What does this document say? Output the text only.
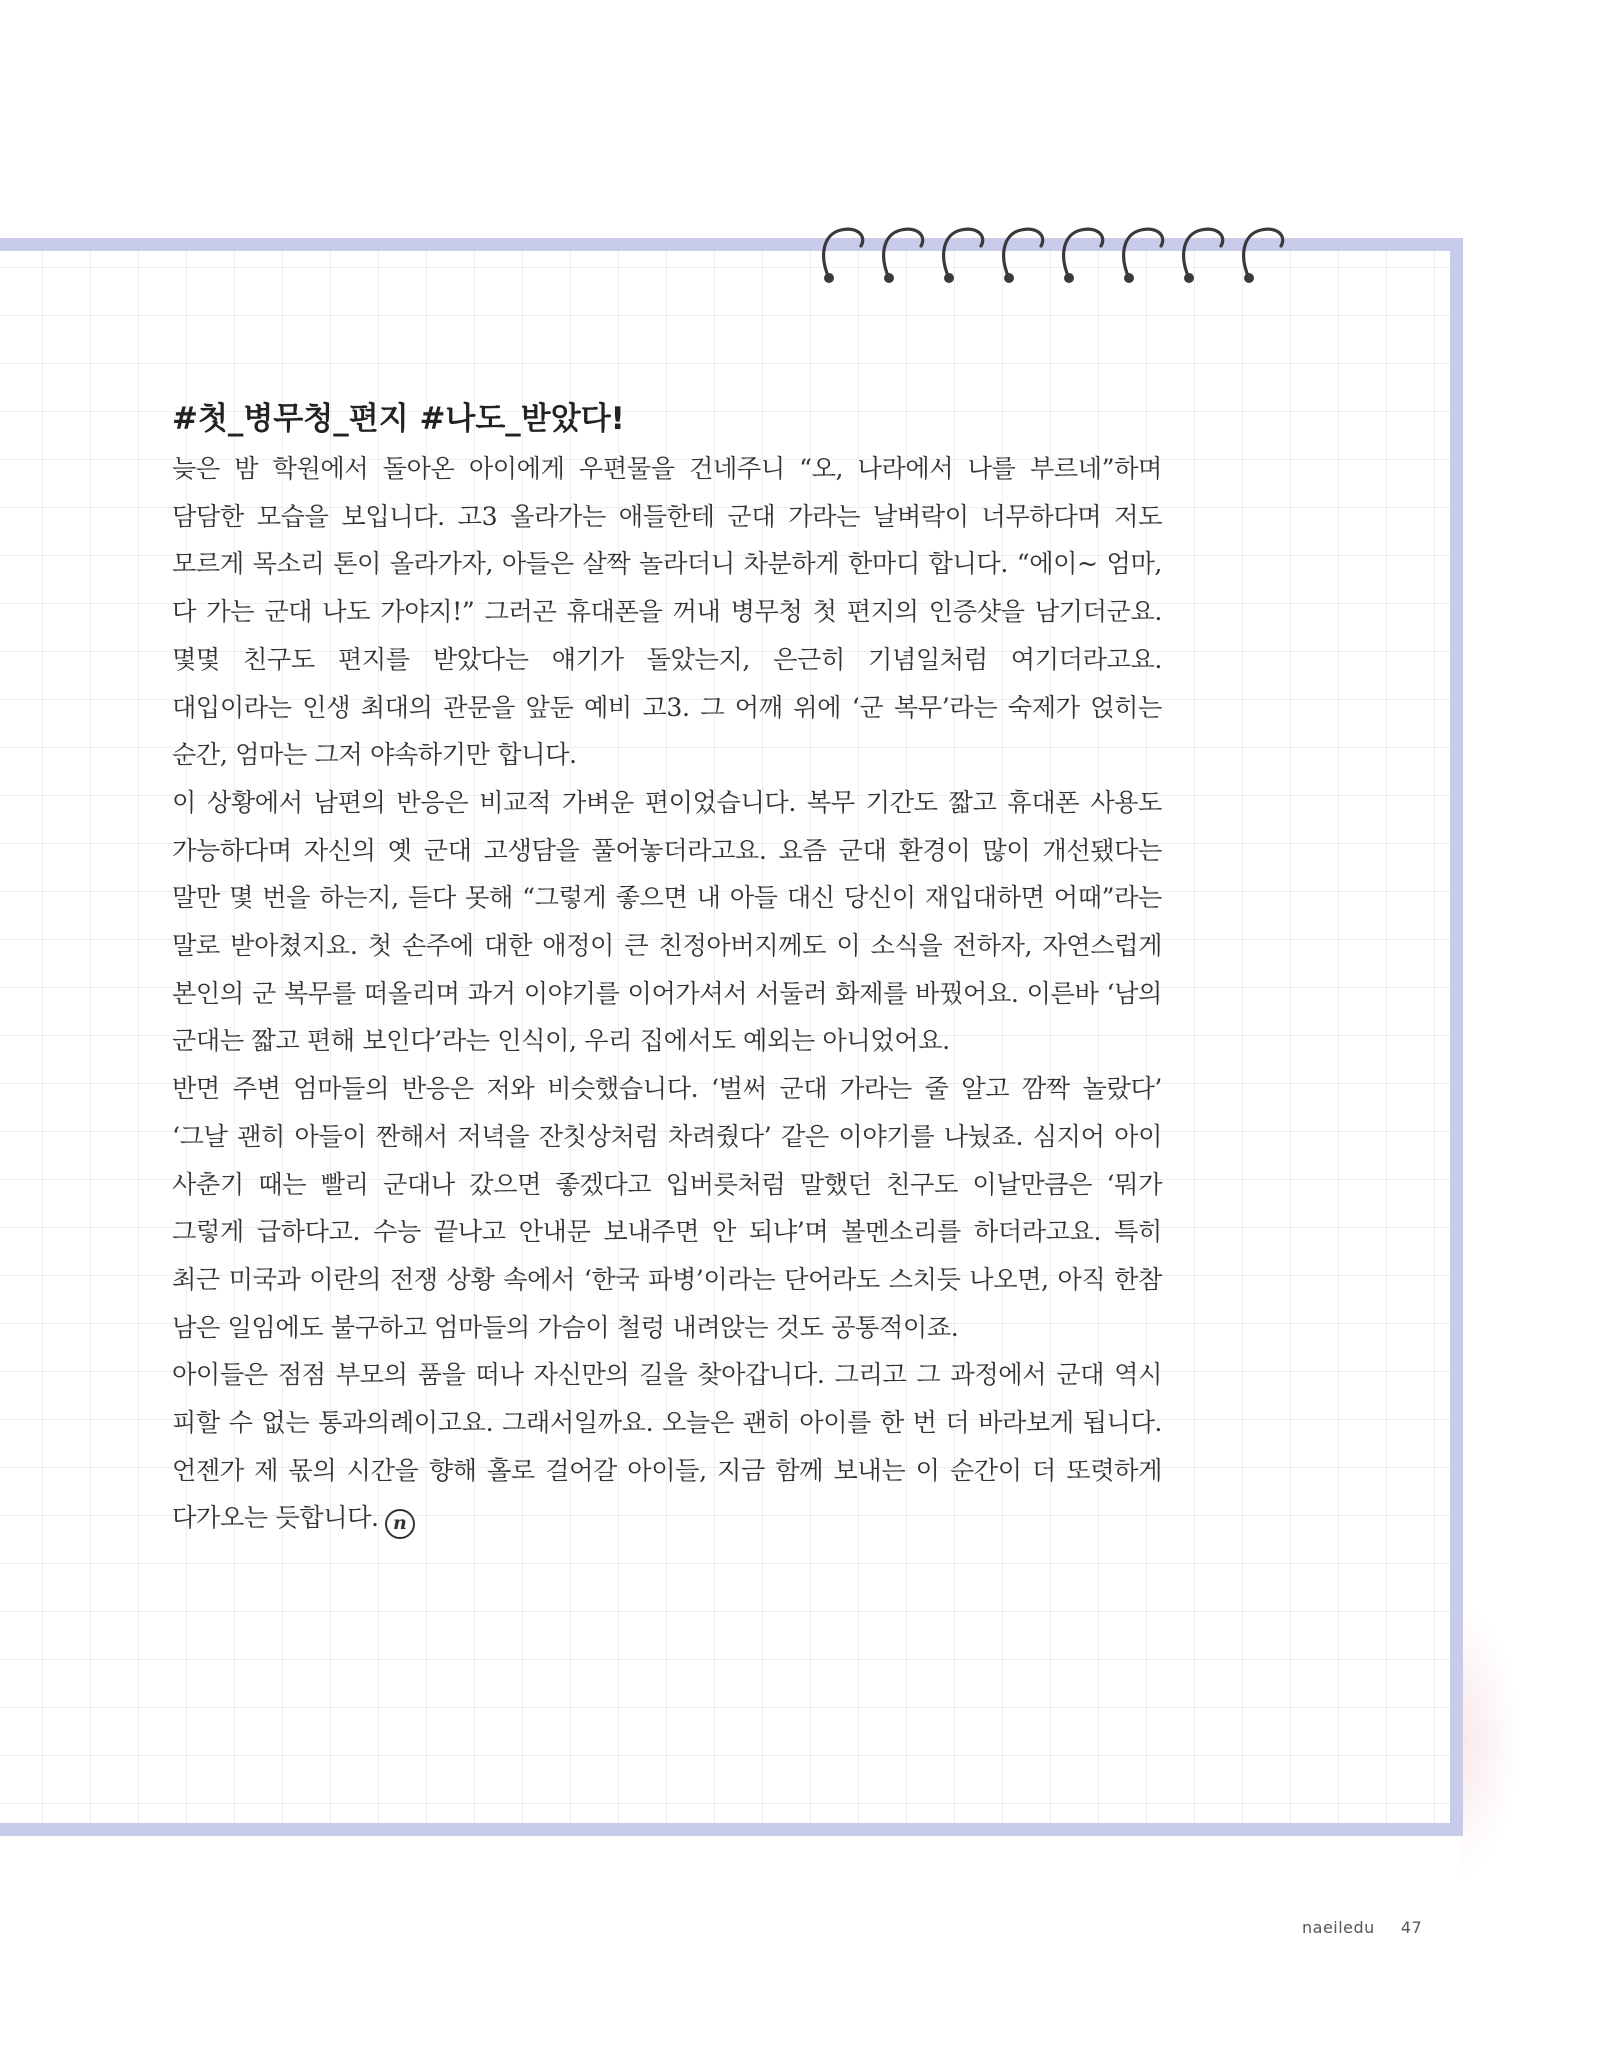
#첫_병무청_편지 #나도_받았다!

늦은 밤 학원에서 돌아온 아이에게 우편물을 건네주니 “오, 나라에서 나를 부르네”하며 담담한 모습을 보입니다. 고3 올라가는 애들한테 군대 가라는 날벼락이 너무하다며 저도 모르게 목소리 톤이 올라가자, 아들은 살짝 놀라더니 차분하게 한마디 합니다. “에이~ 엄마, 다 가는 군대 나도 가야지!” 그러곤 휴대폰을 꺼내 병무청 첫 편지의 인증샷을 남기더군요. 몇몇 친구도 편지를 받았다는 얘기가 돌았는지, 은근히 기념일처럼 여기더라고요. 대입이라는 인생 최대의 관문을 앞둔 예비 고3. 그 어깨 위에 ‘군 복무’라는 숙제가 얹히는 순간, 엄마는 그저 야속하기만 합니다.

이 상황에서 남편의 반응은 비교적 가벼운 편이었습니다. 복무 기간도 짧고 휴대폰 사용도 가능하다며 자신의 옛 군대 고생담을 풀어놓더라고요. 요즘 군대 환경이 많이 개선됐다는 말만 몇 번을 하는지, 듣다 못해 “그렇게 좋으면 내 아들 대신 당신이 재입대하면 어때”라는 말로 받아쳤지요. 첫 손주에 대한 애정이 큰 친정아버지께도 이 소식을 전하자, 자연스럽게 본인의 군 복무를 떠올리며 과거 이야기를 이어가셔서 서둘러 화제를 바꿨어요. 이른바 ‘남의 군대는 짧고 편해 보인다’라는 인식이, 우리 집에서도 예외는 아니었어요.

반면 주변 엄마들의 반응은 저와 비슷했습니다. ‘벌써 군대 가라는 줄 알고 깜짝 놀랐다’ ‘그날 괜히 아들이 짠해서 저녁을 잔칫상처럼 차려줬다’ 같은 이야기를 나눴죠. 심지어 아이 사춘기 때는 빨리 군대나 갔으면 좋겠다고 입버릇처럼 말했던 친구도 이날만큼은 ‘뭐가 그렇게 급하다고. 수능 끝나고 안내문 보내주면 안 되냐’며 볼멘소리를 하더라고요. 특히 최근 미국과 이란의 전쟁 상황 속에서 ‘한국 파병’이라는 단어라도 스치듯 나오면, 아직 한참 남은 일임에도 불구하고 엄마들의 가슴이 철렁 내려앉는 것도 공통적이죠.

아이들은 점점 부모의 품을 떠나 자신만의 길을 찾아갑니다. 그리고 그 과정에서 군대 역시 피할 수 없는 통과의례이고요. 그래서일까요. 오늘은 괜히 아이를 한 번 더 바라보게 됩니다. 언젠가 제 몫의 시간을 향해 홀로 걸어갈 아이들, 지금 함께 보내는 이 순간이 더 또렷하게 다가오는 듯합니다. n

naeiledu 47
